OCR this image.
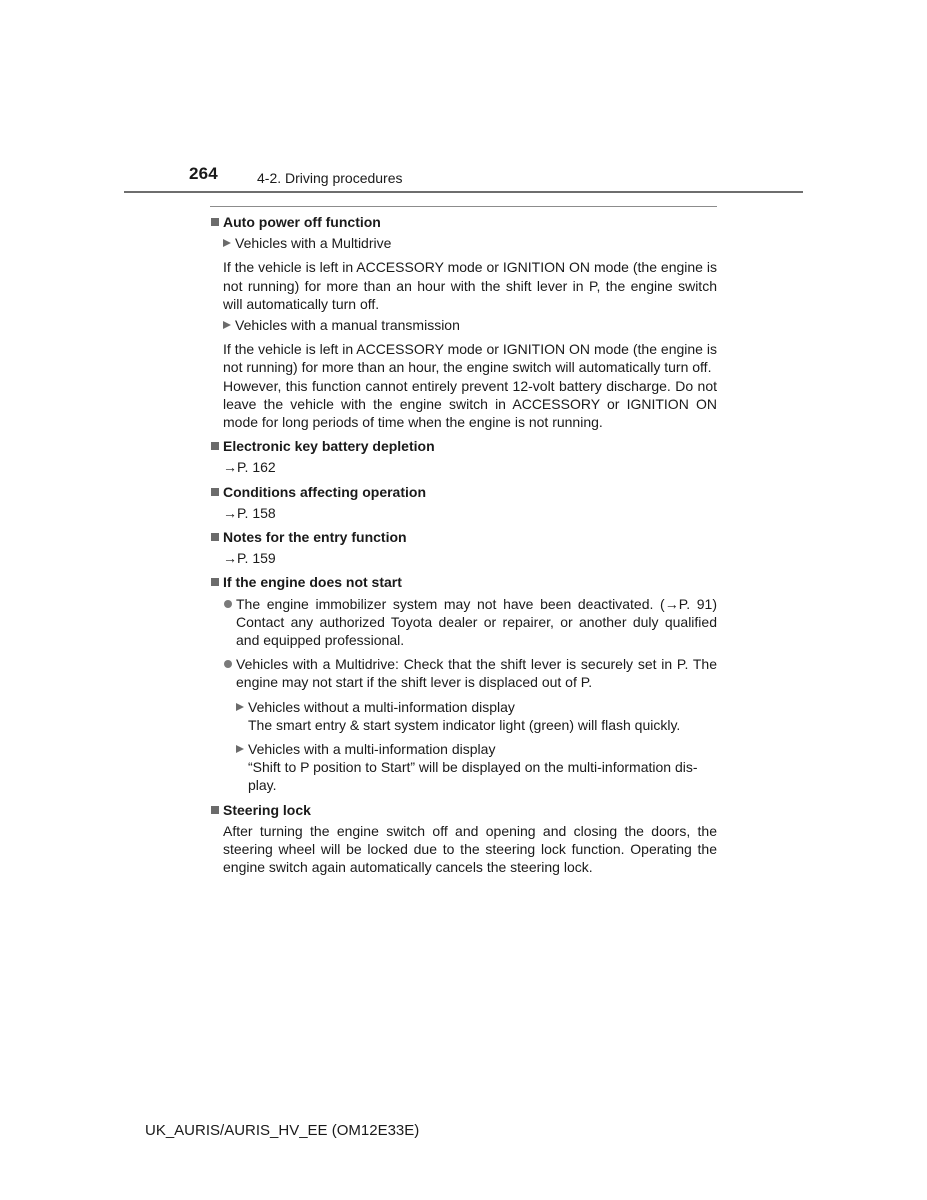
264	4-2. Driving procedures
Auto power off function
Vehicles with a Multidrive
If the vehicle is left in ACCESSORY mode or IGNITION ON mode (the engine is not running) for more than an hour with the shift lever in P, the engine switch will automatically turn off.
Vehicles with a manual transmission
If the vehicle is left in ACCESSORY mode or IGNITION ON mode (the engine is not running) for more than an hour, the engine switch will automatically turn off.
However, this function cannot entirely prevent 12-volt battery discharge. Do not leave the vehicle with the engine switch in ACCESSORY or IGNITION ON mode for long periods of time when the engine is not running.
Electronic key battery depletion
→P. 162
Conditions affecting operation
→P. 158
Notes for the entry function
→P. 159
If the engine does not start
The engine immobilizer system may not have been deactivated. (→P. 91) Contact any authorized Toyota dealer or repairer, or another duly qualified and equipped professional.
Vehicles with a Multidrive: Check that the shift lever is securely set in P. The engine may not start if the shift lever is displaced out of P.
Vehicles without a multi-information display
The smart entry & start system indicator light (green) will flash quickly.
Vehicles with a multi-information display
“Shift to P position to Start” will be displayed on the multi-information dis-play.
Steering lock
After turning the engine switch off and opening and closing the doors, the steering wheel will be locked due to the steering lock function. Operating the engine switch again automatically cancels the steering lock.
UK_AURIS/AURIS_HV_EE (OM12E33E)
